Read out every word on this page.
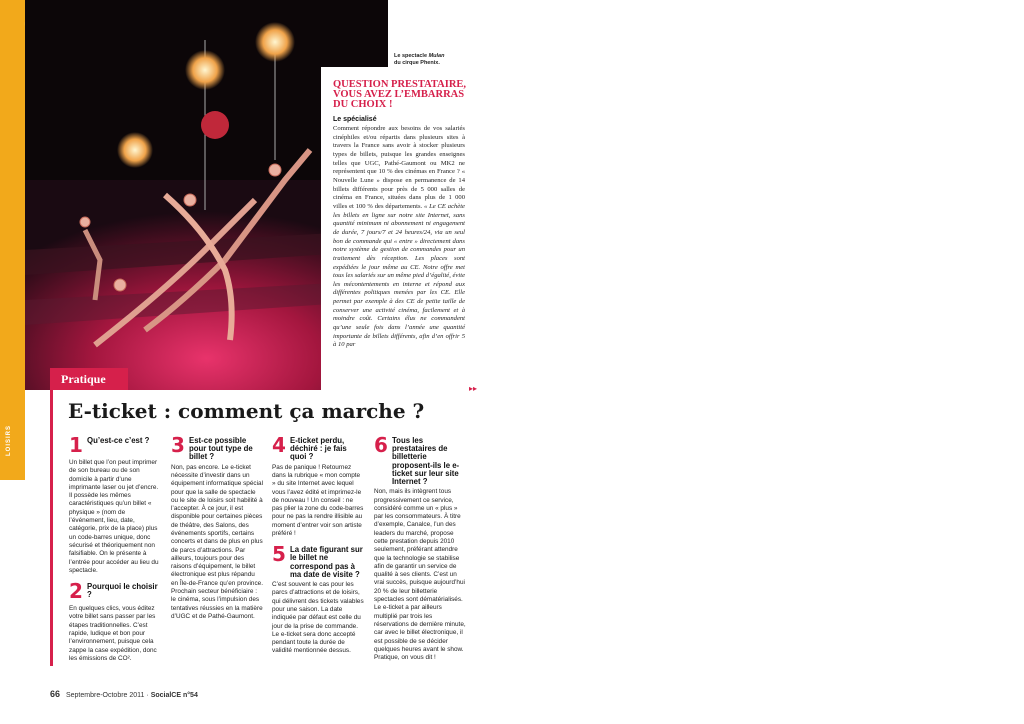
LOISIRS
Le spectacle Mulan
du cirque Phenix.
QUESTION PRESTATAIRE, VOUS AVEZ L’EMBARRAS DU CHOIX !
Le spécialisé
Comment répondre aux besoins de vos salariés cinéphiles et/ou répartis dans plusieurs sites à travers la France sans avoir à stocker plusieurs types de billets, puisque les grandes enseignes telles que UGC, Pathé-Gaumont ou MK2 ne représentent que 10 % des cinémas en France ? « Nouvelle Lune » dispose en permanence de 14 billets différents pour près de 5 000 salles de cinéma en France, situées dans plus de 1 000 villes et 100 % des départements. « Le CE achète les billets en ligne sur notre site Internet, sans quantité minimum ni abonnement ni engagement de durée, 7 jours/7 et 24 heures/24, via un seul bon de commande qui « entre » directement dans notre système de gestion de commandes pour un traitement dès réception. Les places sont expédiées le jour même au CE. Notre offre met tous les salariés sur un même pied d’égalité, évite les mécontentements en interne et répond aux différentes politiques menées par les CE. Elle permet par exemple à des CE de petite taille de conserver une activité cinéma, facilement et à moindre coût. Certains élus ne commandent qu’une seule fois dans l’année une quantité importante de billets différents, afin d’en offrir 5 à 10 par
▸▸
Pratique
E-ticket : comment ça marche ?
1 Qu’est-ce c’est ?
Un billet que l’on peut imprimer de son bureau ou de son domicile à partir d’une imprimante laser ou jet d’encre. Il possède les mêmes caractéristiques qu’un billet « physique » (nom de l’événement, lieu, date, catégorie, prix de la place) plus un code-barres unique, donc sécurisé et théoriquement non falsifiable. On le présente à l’entrée pour accéder au lieu du spectacle.
2 Pourquoi le choisir ?
En quelques clics, vous éditez votre billet sans passer par les étapes traditionnelles. C’est rapide, ludique et bon pour l’environnement, puisque cela zappe la case expédition, donc les émissions de CO².
3 Est-ce possible pour tout type de billet ?
Non, pas encore. Le e-ticket nécessite d’investir dans un équipement informatique spécial pour que la salle de spectacle ou le site de loisirs soit habilité à l’accepter. À ce jour, il est disponible pour certaines pièces de théâtre, des Salons, des événements sportifs, certains concerts et dans de plus en plus de parcs d’attractions. Par ailleurs, toujours pour des raisons d’équipement, le billet électronique est plus répandu en Île-de-France qu’en province. Prochain secteur bénéficiaire : le cinéma, sous l’impulsion des tentatives réussies en la matière d’UGC et de Pathé-Gaumont.
4 E-ticket perdu, déchiré : je fais quoi ?
Pas de panique ! Retournez dans la rubrique « mon compte » du site Internet avec lequel vous l’avez édité et imprimez-le de nouveau ! Un conseil : ne pas plier la zone du code-barres pour ne pas la rendre illisible au moment d’entrer voir son artiste préféré !
5 La date figurant sur le billet ne correspond pas à ma date de visite ?
C’est souvent le cas pour les parcs d’attractions et de loisirs, qui délivrent des tickets valables pour une saison. La date indiquée par défaut est celle du jour de la prise de commande. Le e-ticket sera donc accepté pendant toute la durée de validité mentionnée dessus.
6 Tous les prestataires de billetterie proposent-ils le e-ticket sur leur site Internet ?
Non, mais ils intègrent tous progressivement ce service, considéré comme un « plus » par les consommateurs. À titre d’exemple, Canalce, l’un des leaders du marché, propose cette prestation depuis 2010 seulement, préférant attendre que la technologie se stabilise afin de garantir un service de qualité à ses clients. C’est un vrai succès, puisque aujourd’hui 20 % de leur billetterie spectacles sont dématérialisés. Le e-ticket a par ailleurs multiplié par trois les réservations de dernière minute, car avec le billet électronique, il est possible de se décider quelques heures avant le show. Pratique, on vous dit !
66 Septembre-Octobre 2011 · SocialCE n°54
